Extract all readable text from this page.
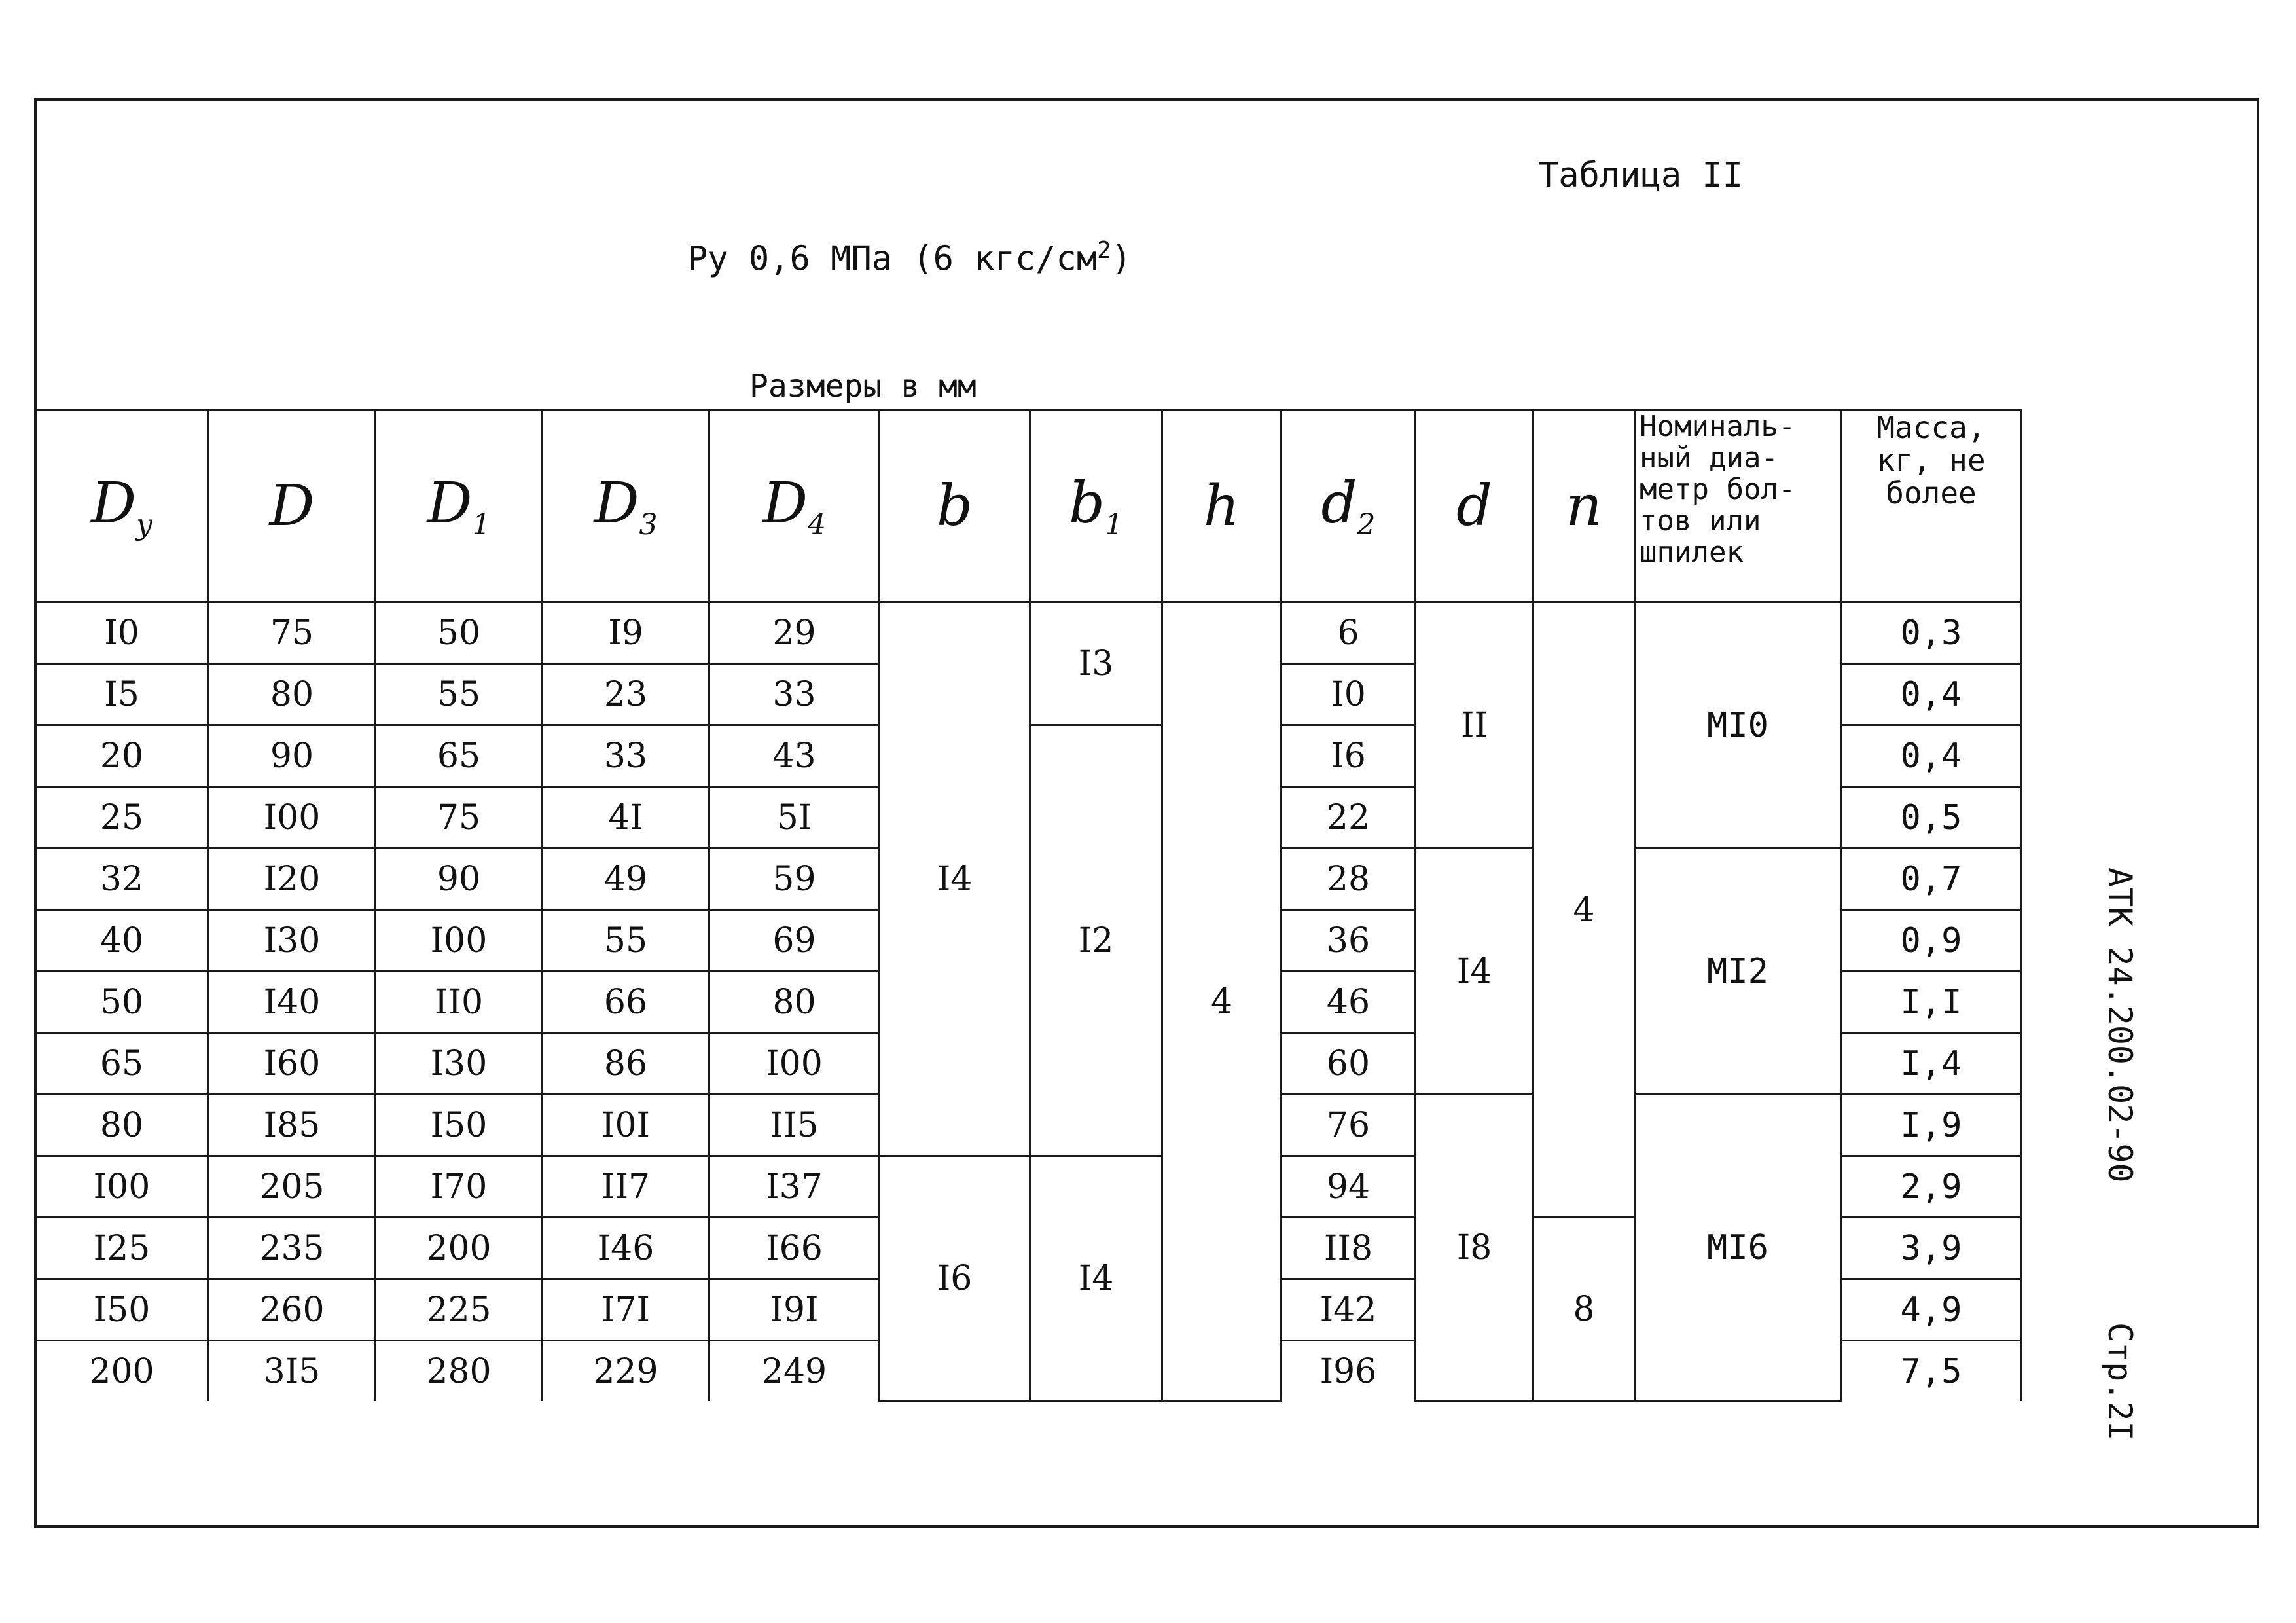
Таблица II
Ру 0,6 МПа (6 кгс/$см^2$)
Размеры в мм
АТК 24.200.02-90
Стр.2I
$D_y$	D	$D_1$	$D_3$	$D_4$	b	$b_1$	h	$d_2$	d	n	Номиналь-ный диа-метр бол-тов или шпилек	Масса, кг, не более

I0	75	50	I9	29	I4	I3	4	6	II	4	MI0	0,3
I5	80	55	23	33				I0				0,4
20	90	65	33	43		I2		I6				0,4
25	I00	75	4I	5I				22				0,5
32	I20	90	49	59				28	I4		MI2	0,7
40	I30	I00	55	69				36				0,9
50	I40	II0	66	80				46				I,I
65	I60	I30	86	I00				60				I,4
80	I85	I50	I0I	II5				76	I8		MI6	I,9
I00	205	I70	II7	I37	I6	I4		94				2,9
I25	235	200	I46	I66				II8		8		3,9
I50	260	225	I7I	I9I				I42				4,9
200	3I5	280	229	249				I96				7,5
